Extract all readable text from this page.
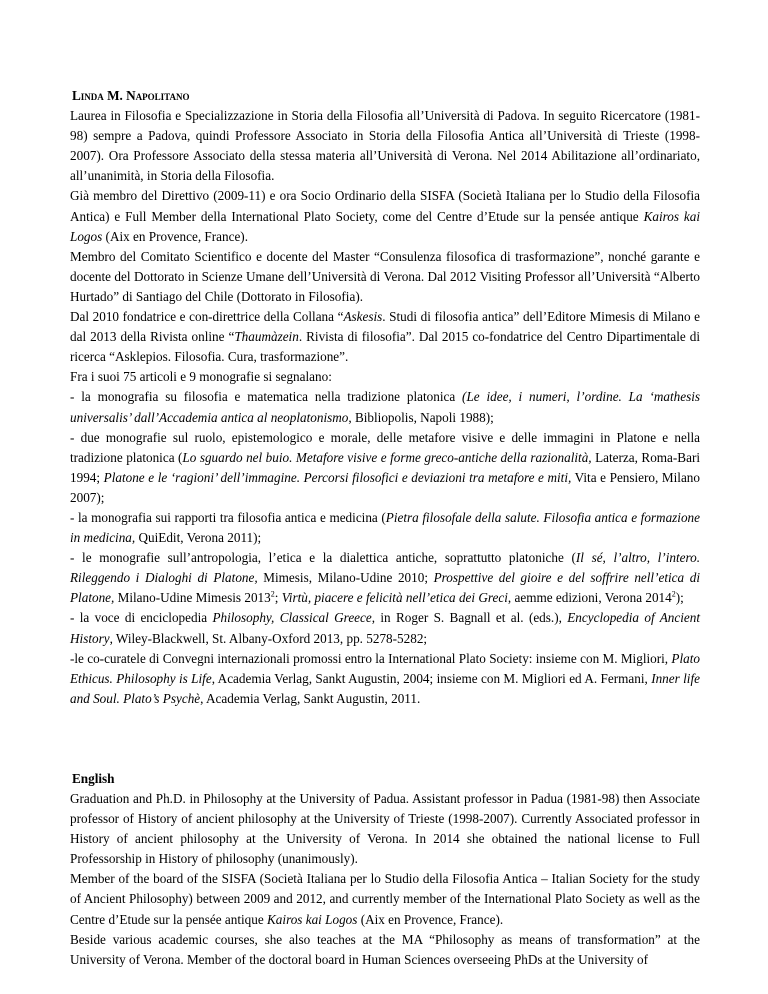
Linda M. Napolitano

Laurea in Filosofia e Specializzazione in Storia della Filosofia all’Università di Padova. In seguito Ricercatore (1981-98) sempre a Padova, quindi Professore Associato in Storia della Filosofia Antica all’Università di Trieste (1998-2007). Ora Professore Associato della stessa materia all’Università di Verona. Nel 2014 Abilitazione all’ordinariato, all’unanimità, in Storia della Filosofia.

Già membro del Direttivo (2009-11) e ora Socio Ordinario della SISFA (Società Italiana per lo Studio della Filosofia Antica) e Full Member della International Plato Society, come del Centre d’Etude sur la pensée antique Kairos kai Logos (Aix en Provence, France).

Membro del Comitato Scientifico e docente del Master “Consulenza filosofica di trasformazione”, nonché garante e docente del Dottorato in Scienze Umane dell’Università di Verona. Dal 2012 Visiting Professor all’Università “Alberto Hurtado” di Santiago del Chile (Dottorato in Filosofia).

Dal 2010 fondatrice e con-direttrice della Collana “Askesis. Studi di filosofia antica” dell’Editore Mimesis di Milano e dal 2013 della Rivista online “Thaumàzein. Rivista di filosofia”. Dal 2015 co-fondatrice del Centro Dipartimentale di ricerca “Asklepios. Filosofia. Cura, trasformazione”.

Fra i suoi 75 articoli e 9 monografie si segnalano:

- la monografia su filosofia e matematica nella tradizione platonica (Le idee, i numeri, l’ordine. La ‘mathesis universalis’ dall’Accademia antica al neoplatonismo, Bibliopolis, Napoli 1988);

- due monografie sul ruolo, epistemologico e morale, delle metafore visive e delle immagini in Platone e nella tradizione platonica (Lo sguardo nel buio. Metafore visive e forme greco-antiche della razionalità, Laterza, Roma-Bari 1994; Platone e le ‘ragioni’ dell’immagine. Percorsi filosofici e deviazioni tra metafore e miti, Vita e Pensiero, Milano 2007);

- la monografia sui rapporti tra filosofia antica e medicina (Pietra filosofale della salute. Filosofia antica e formazione in medicina, QuiEdit, Verona 2011);

- le monografie sull’antropologia, l’etica e la dialettica antiche, soprattutto platoniche (Il sé, l’altro, l’intero. Rileggendo i Dialoghi di Platone, Mimesis, Milano-Udine 2010; Prospettive del gioire e del soffrire nell’etica di Platone, Milano-Udine Mimesis 2013$^2$; Virtù, piacere e felicità nell’etica dei Greci, aemme edizioni, Verona 2014$^2$);

- la voce di enciclopedia Philosophy, Classical Greece, in Roger S. Bagnall et al. (eds.), Encyclopedia of Ancient History, Wiley-Blackwell, St. Albany-Oxford 2013, pp. 5278-5282;

-le co-curatele di Convegni internazionali promossi entro la International Plato Society: insieme con M. Migliori, Plato Ethicus. Philosophy is Life, Academia Verlag, Sankt Augustin, 2004; insieme con M. Migliori ed A. Fermani, Inner life and Soul. Plato’s Psychè, Academia Verlag, Sankt Augustin, 2011.

English

Graduation and Ph.D. in Philosophy at the University of Padua. Assistant professor in Padua (1981-98) then Associate professor of History of ancient philosophy at the University of Trieste (1998-2007). Currently Associated professor in History of ancient philosophy at the University of Verona. In 2014 she obtained the national license to Full Professorship in History of philosophy (unanimously).

Member of the board of the SISFA (Società Italiana per lo Studio della Filosofia Antica – Italian Society for the study of Ancient Philosophy) between 2009 and 2012, and currently member of the International Plato Society as well as the Centre d’Etude sur la pensée antique Kairos kai Logos (Aix en Provence, France).

Beside various academic courses, she also teaches at the MA “Philosophy as means of transformation” at the University of Verona. Member of the doctoral board in Human Sciences overseeing PhDs at the University of
